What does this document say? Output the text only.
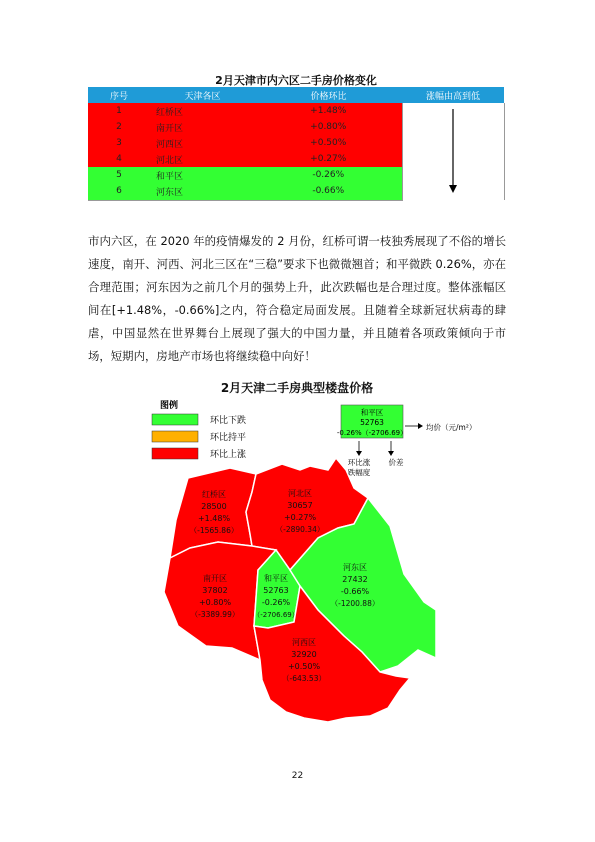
2月天津市内六区二手房价格变化
序号	天津各区	价格环比	涨幅由高到低
1	红桥区	+1.48%	
2	南开区	+0.80%	
3	河西区	+0.50%	
4	河北区	+0.27%	
5	和平区	-0.26%	
6	河东区	-0.66%	

市内六区，在 2020 年的疫情爆发的 2 月份，红桥可谓一枝独秀展现了不俗的增长速度，南开、河西、河北三区在“三稳”要求下也微微翘首；和平微跌 0.26%，亦在合理范围；河东因为之前几个月的强势上升，此次跌幅也是合理过度。整体涨幅区间在[+1.48%，-0.66%]之内，符合稳定局面发展。且随着全球新冠状病毒的肆虐，中国显然在世界舞台上展现了强大的中国力量，并且随着各项政策倾向于市场，短期内，房地产市场也将继续稳中向好！

2月天津二手房典型楼盘价格
图例
环比下跌
环比持平
环比上涨
和平区
52763
-0.26%（-2706.69）
均价（元/m²）
环比涨
跌幅度
价差
红桥区
28500
+1.48%
（-1565.86）
河北区
30657
+0.27%
（-2890.34）
南开区
37802
+0.80%
（-3389.99）
和平区
52763
-0.26%
（-2706.69）
河东区
27432
-0.66%
（-1200.88）
河西区
32920
+0.50%
（-643.53）
22
